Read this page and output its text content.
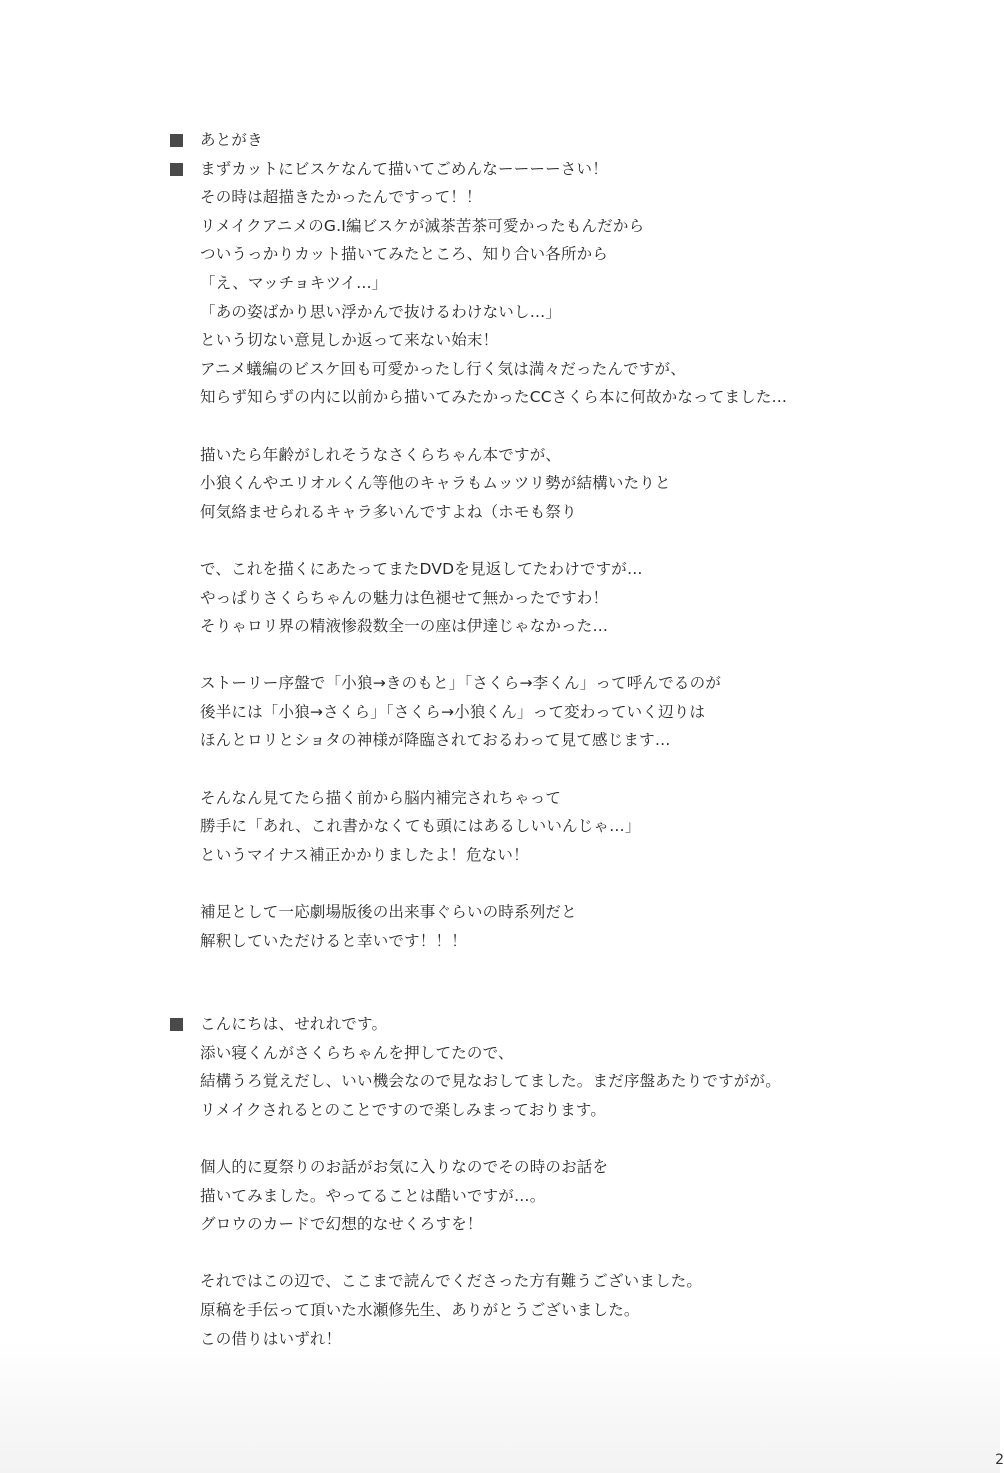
あとがき
まずカットにビスケなんて描いてごめんなーーーーさい！
その時は超描きたかったんですって！！
リメイクアニメのG.I編ビスケが滅茶苦茶可愛かったもんだから
ついうっかりカット描いてみたところ、知り合い各所から
「え、マッチョキツイ…」
「あの姿ばかり思い浮かんで抜けるわけないし…」
という切ない意見しか返って来ない始末！
アニメ蟻編のビスケ回も可愛かったし行く気は満々だったんですが、
知らず知らずの内に以前から描いてみたかったCCさくら本に何故かなってました…
描いたら年齢がしれそうなさくらちゃん本ですが、
小狼くんやエリオルくん等他のキャラもムッツリ勢が結構いたりと
何気絡ませられるキャラ多いんですよね（ホモも祭り
で、これを描くにあたってまたDVDを見返してたわけですが…
やっぱりさくらちゃんの魅力は色褪せて無かったですわ！
そりゃロリ界の精液惨殺数全一の座は伊達じゃなかった…
ストーリー序盤で「小狼→きのもと」「さくら→李くん」って呼んでるのが
後半には「小狼→さくら」「さくら→小狼くん」って変わっていく辺りは
ほんとロリとショタの神様が降臨されておるわって見て感じます…
そんなん見てたら描く前から脳内補完されちゃって
勝手に「あれ、これ書かなくても頭にはあるしいいんじゃ…」
というマイナス補正かかりましたよ！危ない！
補足として一応劇場版後の出来事ぐらいの時系列だと
解釈していただけると幸いです！！！
こんにちは、せれれです。
添い寝くんがさくらちゃんを押してたので、
結構うろ覚えだし、いい機会なので見なおしてました。まだ序盤あたりですがが。
リメイクされるとのことですので楽しみまっております。
個人的に夏祭りのお話がお気に入りなのでその時のお話を
描いてみました。やってることは酷いですが…。
グロウのカードで幻想的なせくろすを！
それではこの辺で、ここまで読んでくださった方有難うございました。
原稿を手伝って頂いた水瀬修先生、ありがとうございました。
この借りはいずれ！
2
